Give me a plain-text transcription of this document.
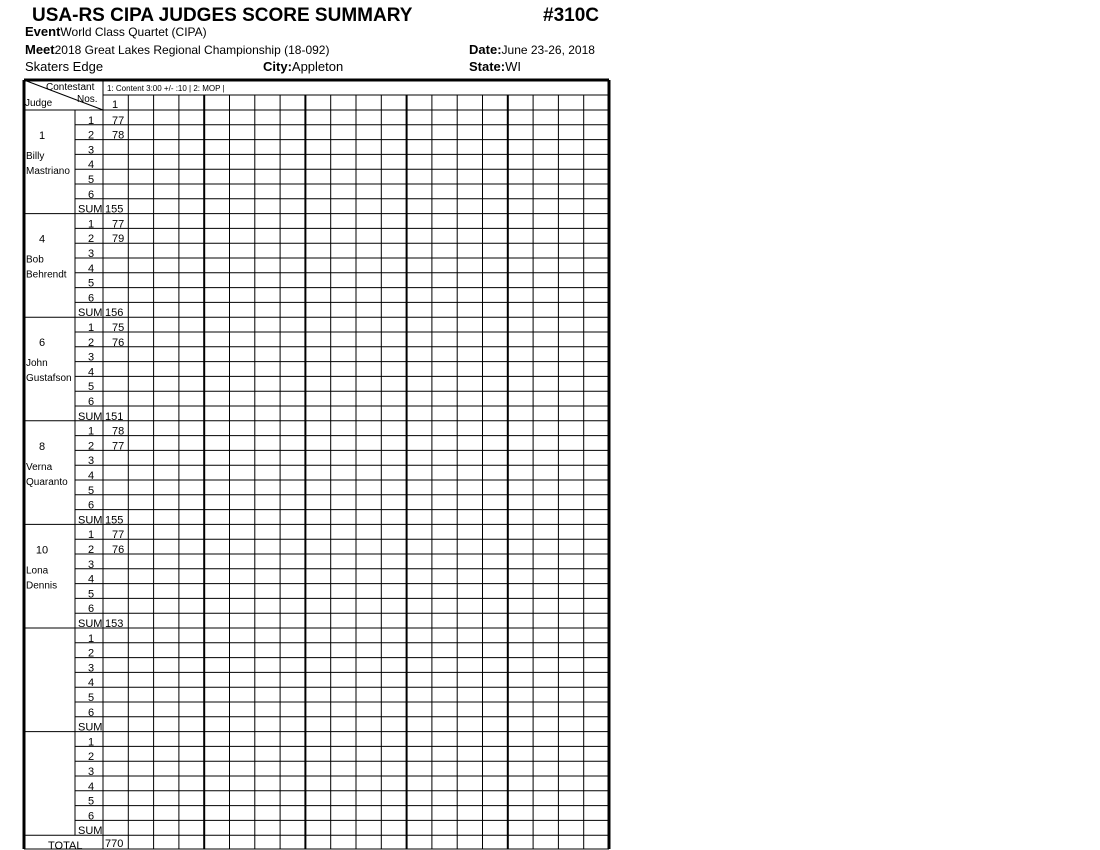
USA-RS CIPA JUDGES SCORE SUMMARY	#310C
EventWorld Class Quartet (CIPA)
Meet2018 Great Lakes Regional Championship (18-092)	Date:June 23-26, 2018
Skaters Edge	City:Appleton	State:WI
Contestant
Nos.
Judge
1: Content 3:00 +/- :10 | 2: MOP |
1
1
Billy
Mastriano
1 77
2 78
3
4
5
6
SUM 155
4
Bob
Behrendt
1 77
2 79
3
4
5
6
SUM 156
6
John
Gustafson
1 75
2 76
3
4
5
6
SUM 151
8
Verna
Quaranto
1 78
2 77
3
4
5
6
SUM 155
10
Lona
Dennis
1 77
2 76
3
4
5
6
SUM 153
1
2
3
4
5
6
SUM
1
2
3
4
5
6
SUM
TOTAL 770
